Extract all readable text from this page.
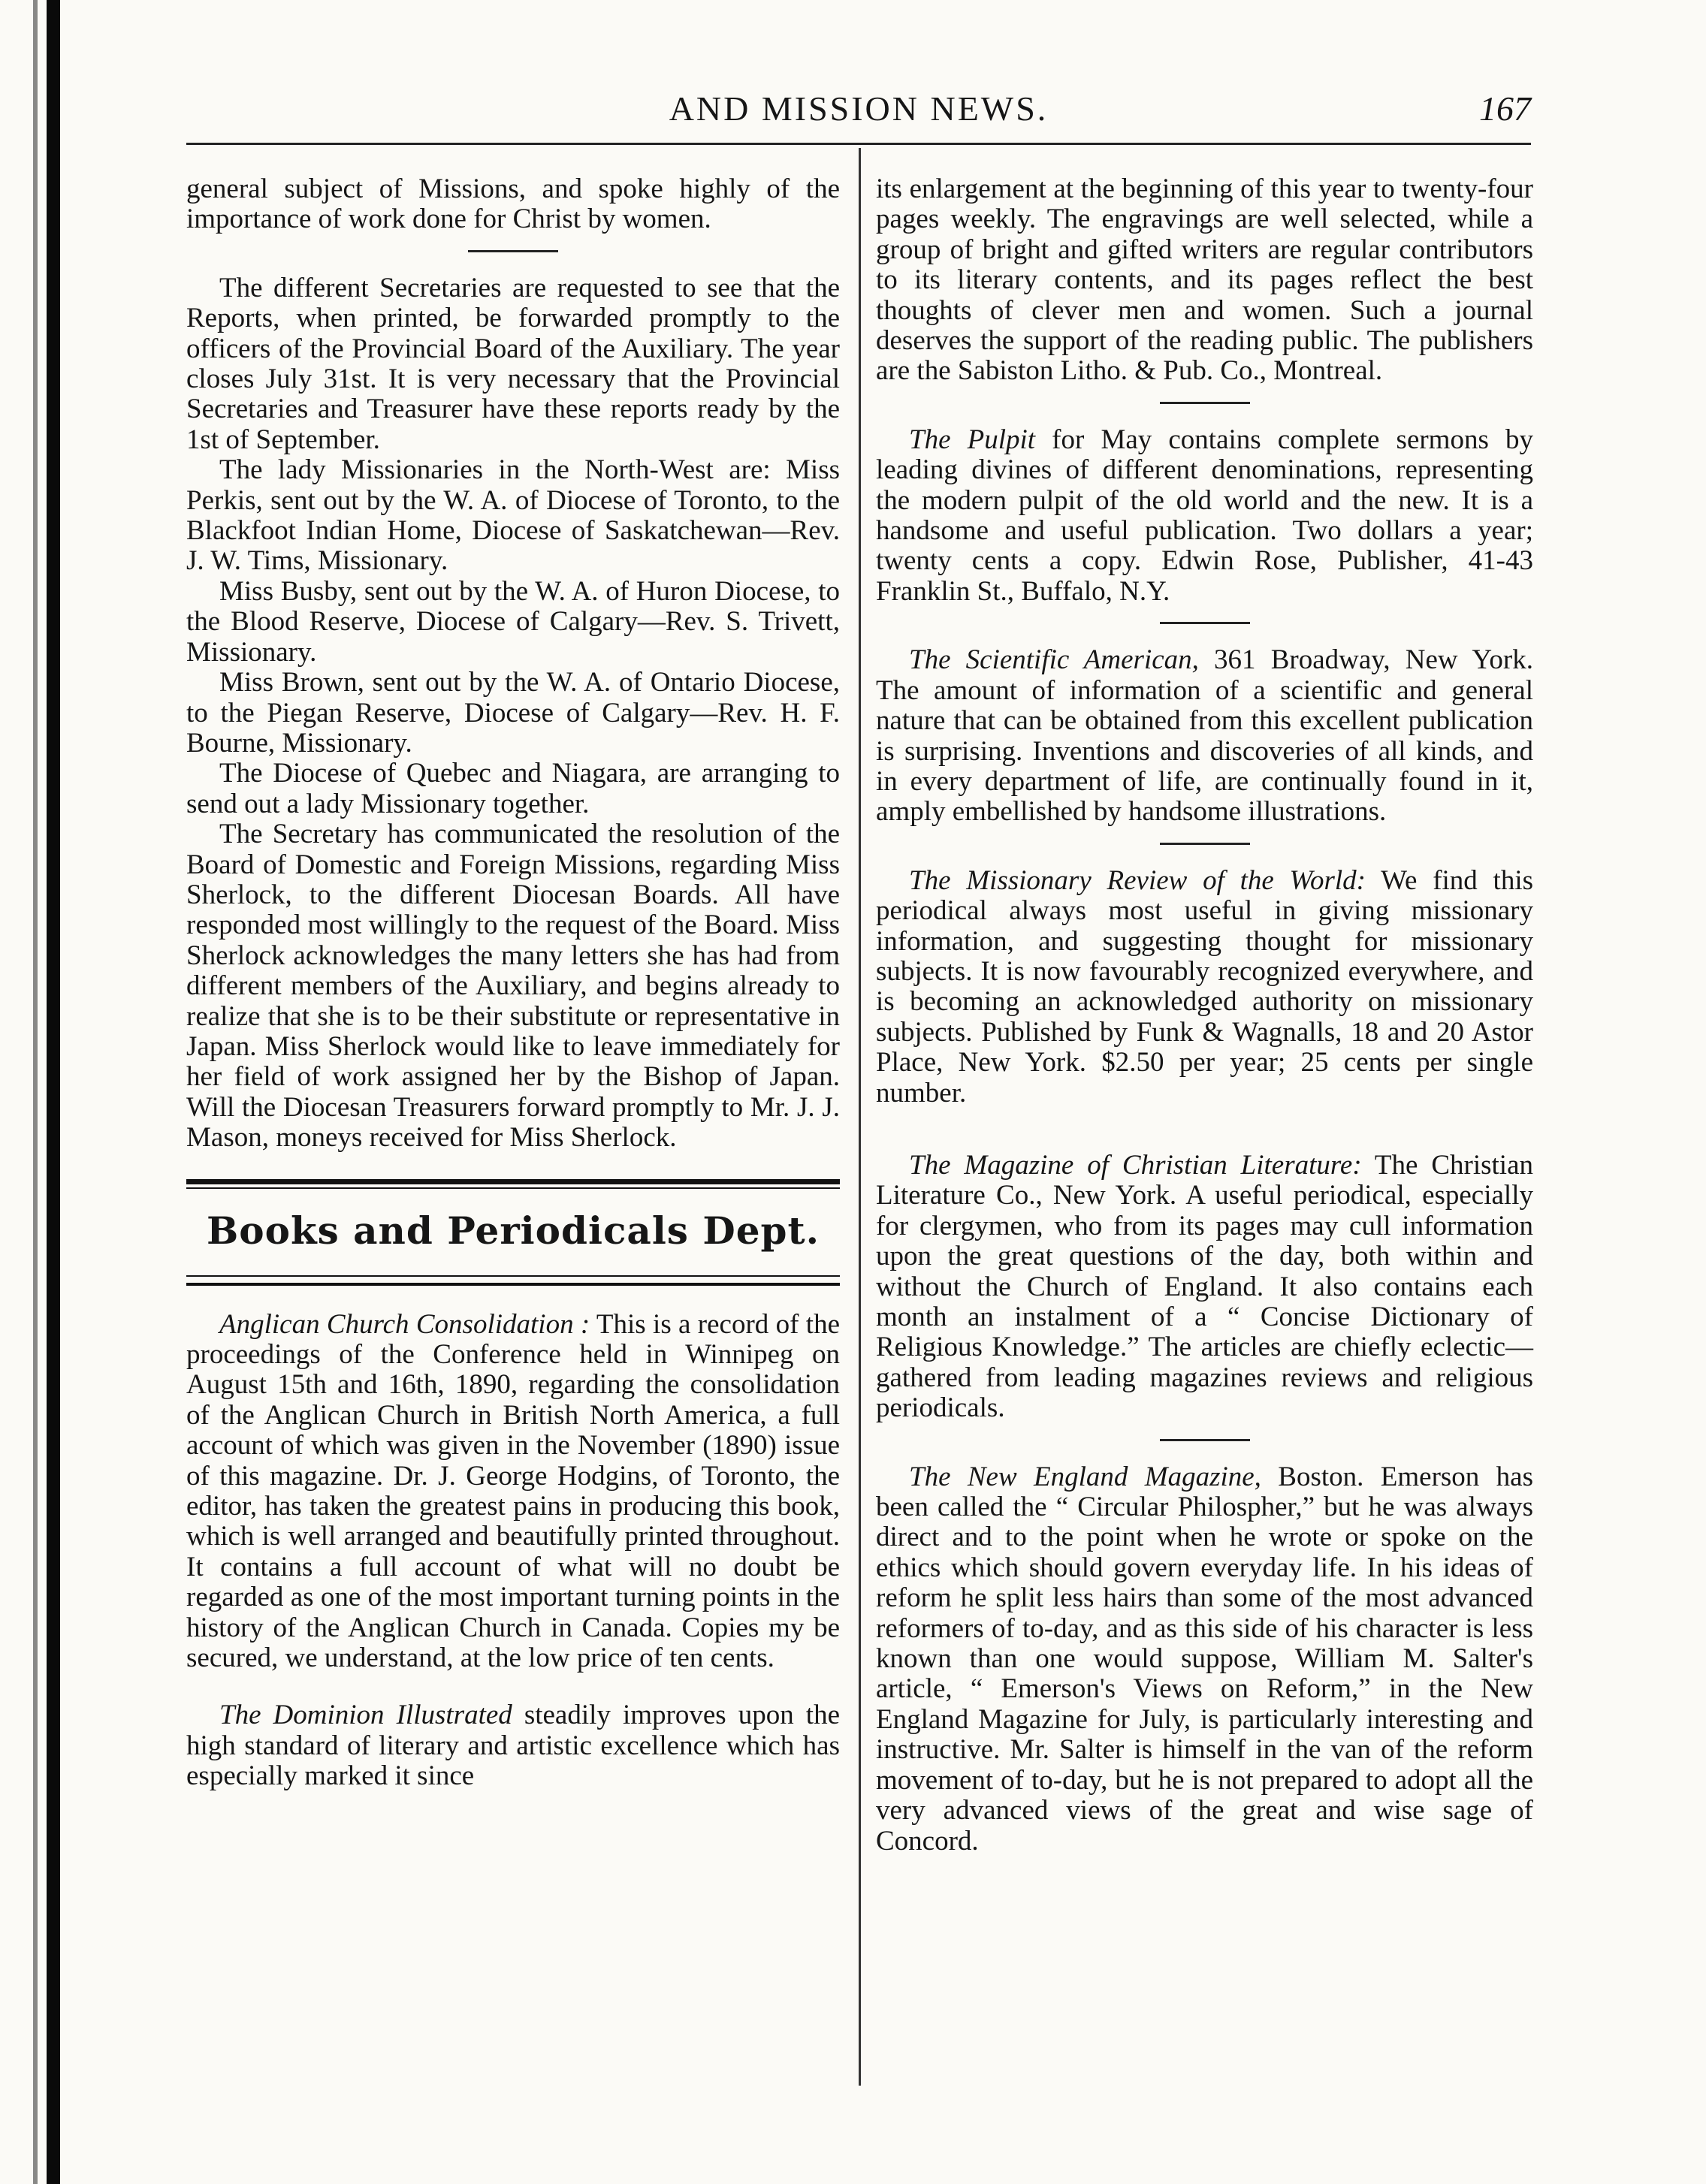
AND MISSION NEWS.	167

general subject of Missions, and spoke highly of the importance of work done for Christ by women.

The different Secretaries are requested to see that the Reports, when printed, be forwarded promptly to the officers of the Provincial Board of the Auxiliary. The year closes July 31st. It is very necessary that the Provincial Secretaries and Treasurer have these reports ready by the 1st of September.

The lady Missionaries in the North-West are: Miss Perkis, sent out by the W. A. of Diocese of Toronto, to the Blackfoot Indian Home, Diocese of Saskatchewan—Rev. J. W. Tims, Missionary.

Miss Busby, sent out by the W. A. of Huron Diocese, to the Blood Reserve, Diocese of Calgary—Rev. S. Trivett, Missionary.

Miss Brown, sent out by the W. A. of Ontario Diocese, to the Piegan Reserve, Diocese of Calgary—Rev. H. F. Bourne, Missionary.

The Diocese of Quebec and Niagara, are arranging to send out a lady Missionary together.

The Secretary has communicated the resolution of the Board of Domestic and Foreign Missions, regarding Miss Sherlock, to the different Diocesan Boards. All have responded most willingly to the request of the Board. Miss Sherlock acknowledges the many letters she has had from different members of the Auxiliary, and begins already to realize that she is to be their substitute or representative in Japan. Miss Sherlock would like to leave immediately for her field of work assigned her by the Bishop of Japan. Will the Diocesan Treasurers forward promptly to Mr. J. J. Mason, moneys received for Miss Sherlock.

Books and Periodicals Dept.

Anglican Church Consolidation : This is a record of the proceedings of the Conference held in Winnipeg on August 15th and 16th, 1890, regarding the consolidation of the Anglican Church in British North America, a full account of which was given in the November (1890) issue of this magazine. Dr. J. George Hodgins, of Toronto, the editor, has taken the greatest pains in producing this book, which is well arranged and beautifully printed throughout. It contains a full account of what will no doubt be regarded as one of the most important turning points in the history of the Anglican Church in Canada. Copies my be secured, we understand, at the low price of ten cents.

The Dominion Illustrated steadily improves upon the high standard of literary and artistic excellence which has especially marked it since

its enlargement at the beginning of this year to twenty-four pages weekly. The engravings are well selected, while a group of bright and gifted writers are regular contributors to its literary contents, and its pages reflect the best thoughts of clever men and women. Such a journal deserves the support of the reading public. The publishers are the Sabiston Litho. & Pub. Co., Montreal.

The Pulpit for May contains complete sermons by leading divines of different denominations, representing the modern pulpit of the old world and the new. It is a handsome and useful publication. Two dollars a year; twenty cents a copy. Edwin Rose, Publisher, 41-43 Franklin St., Buffalo, N.Y.

The Scientific American, 361 Broadway, New York. The amount of information of a scientific and general nature that can be obtained from this excellent publication is surprising. Inventions and discoveries of all kinds, and in every department of life, are continually found in it, amply embellished by handsome illustrations.

The Missionary Review of the World: We find this periodical always most useful in giving missionary information, and suggesting thought for missionary subjects. It is now favourably recognized everywhere, and is becoming an acknowledged authority on missionary subjects. Published by Funk & Wagnalls, 18 and 20 Astor Place, New York. $2.50 per year; 25 cents per single number.

The Magazine of Christian Literature: The Christian Literature Co., New York. A useful periodical, especially for clergymen, who from its pages may cull information upon the great questions of the day, both within and without the Church of England. It also contains each month an instalment of a “ Concise Dictionary of Religious Knowledge.” The articles are chiefly eclectic—gathered from leading magazines reviews and religious periodicals.

The New England Magazine, Boston. Emerson has been called the “ Circular Philospher,” but he was always direct and to the point when he wrote or spoke on the ethics which should govern everyday life. In his ideas of reform he split less hairs than some of the most advanced reformers of to-day, and as this side of his character is less known than one would suppose, William M. Salter's article, “ Emerson's Views on Reform,” in the New England Magazine for July, is particularly interesting and instructive. Mr. Salter is himself in the van of the reform movement of to-day, but he is not prepared to adopt all the very advanced views of the great and wise sage of Concord.
